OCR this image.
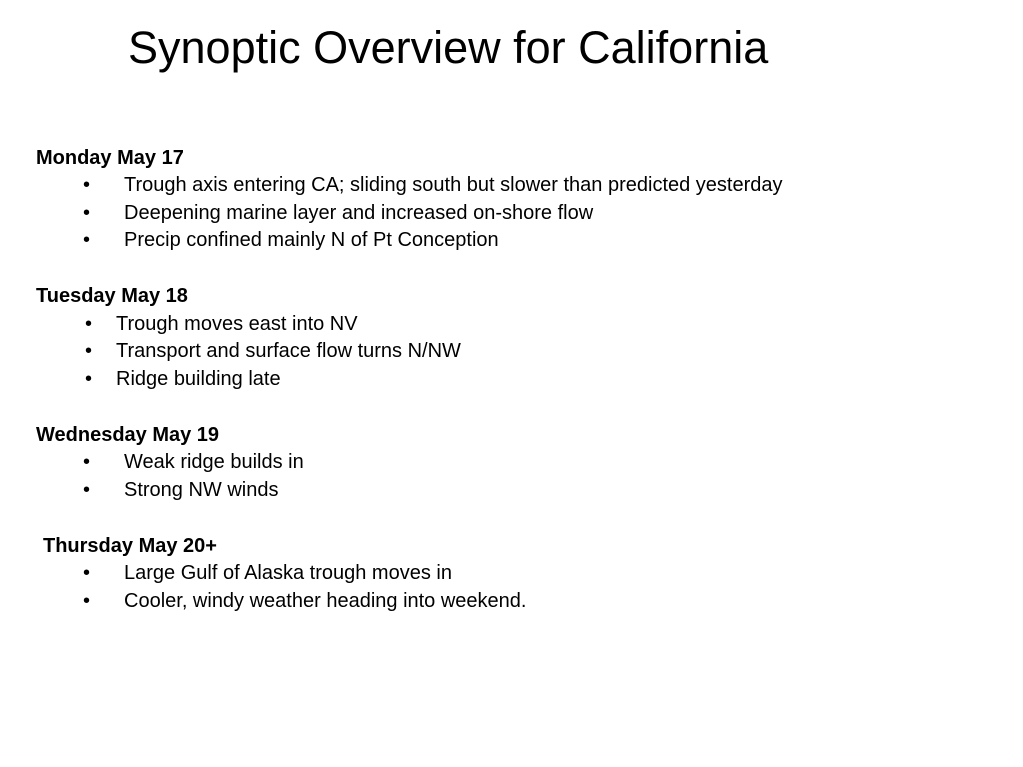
Synoptic Overview for California
Monday May 17
• Trough axis entering CA; sliding south but slower than predicted yesterday
• Deepening marine layer and increased on-shore flow
• Precip confined mainly N of Pt Conception
Tuesday May 18
• Trough moves east into NV
• Transport and surface flow turns N/NW
• Ridge building late
Wednesday May 19
• Weak ridge builds in
• Strong NW winds
Thursday May 20+
• Large Gulf of Alaska trough moves in
• Cooler, windy weather heading into weekend.
